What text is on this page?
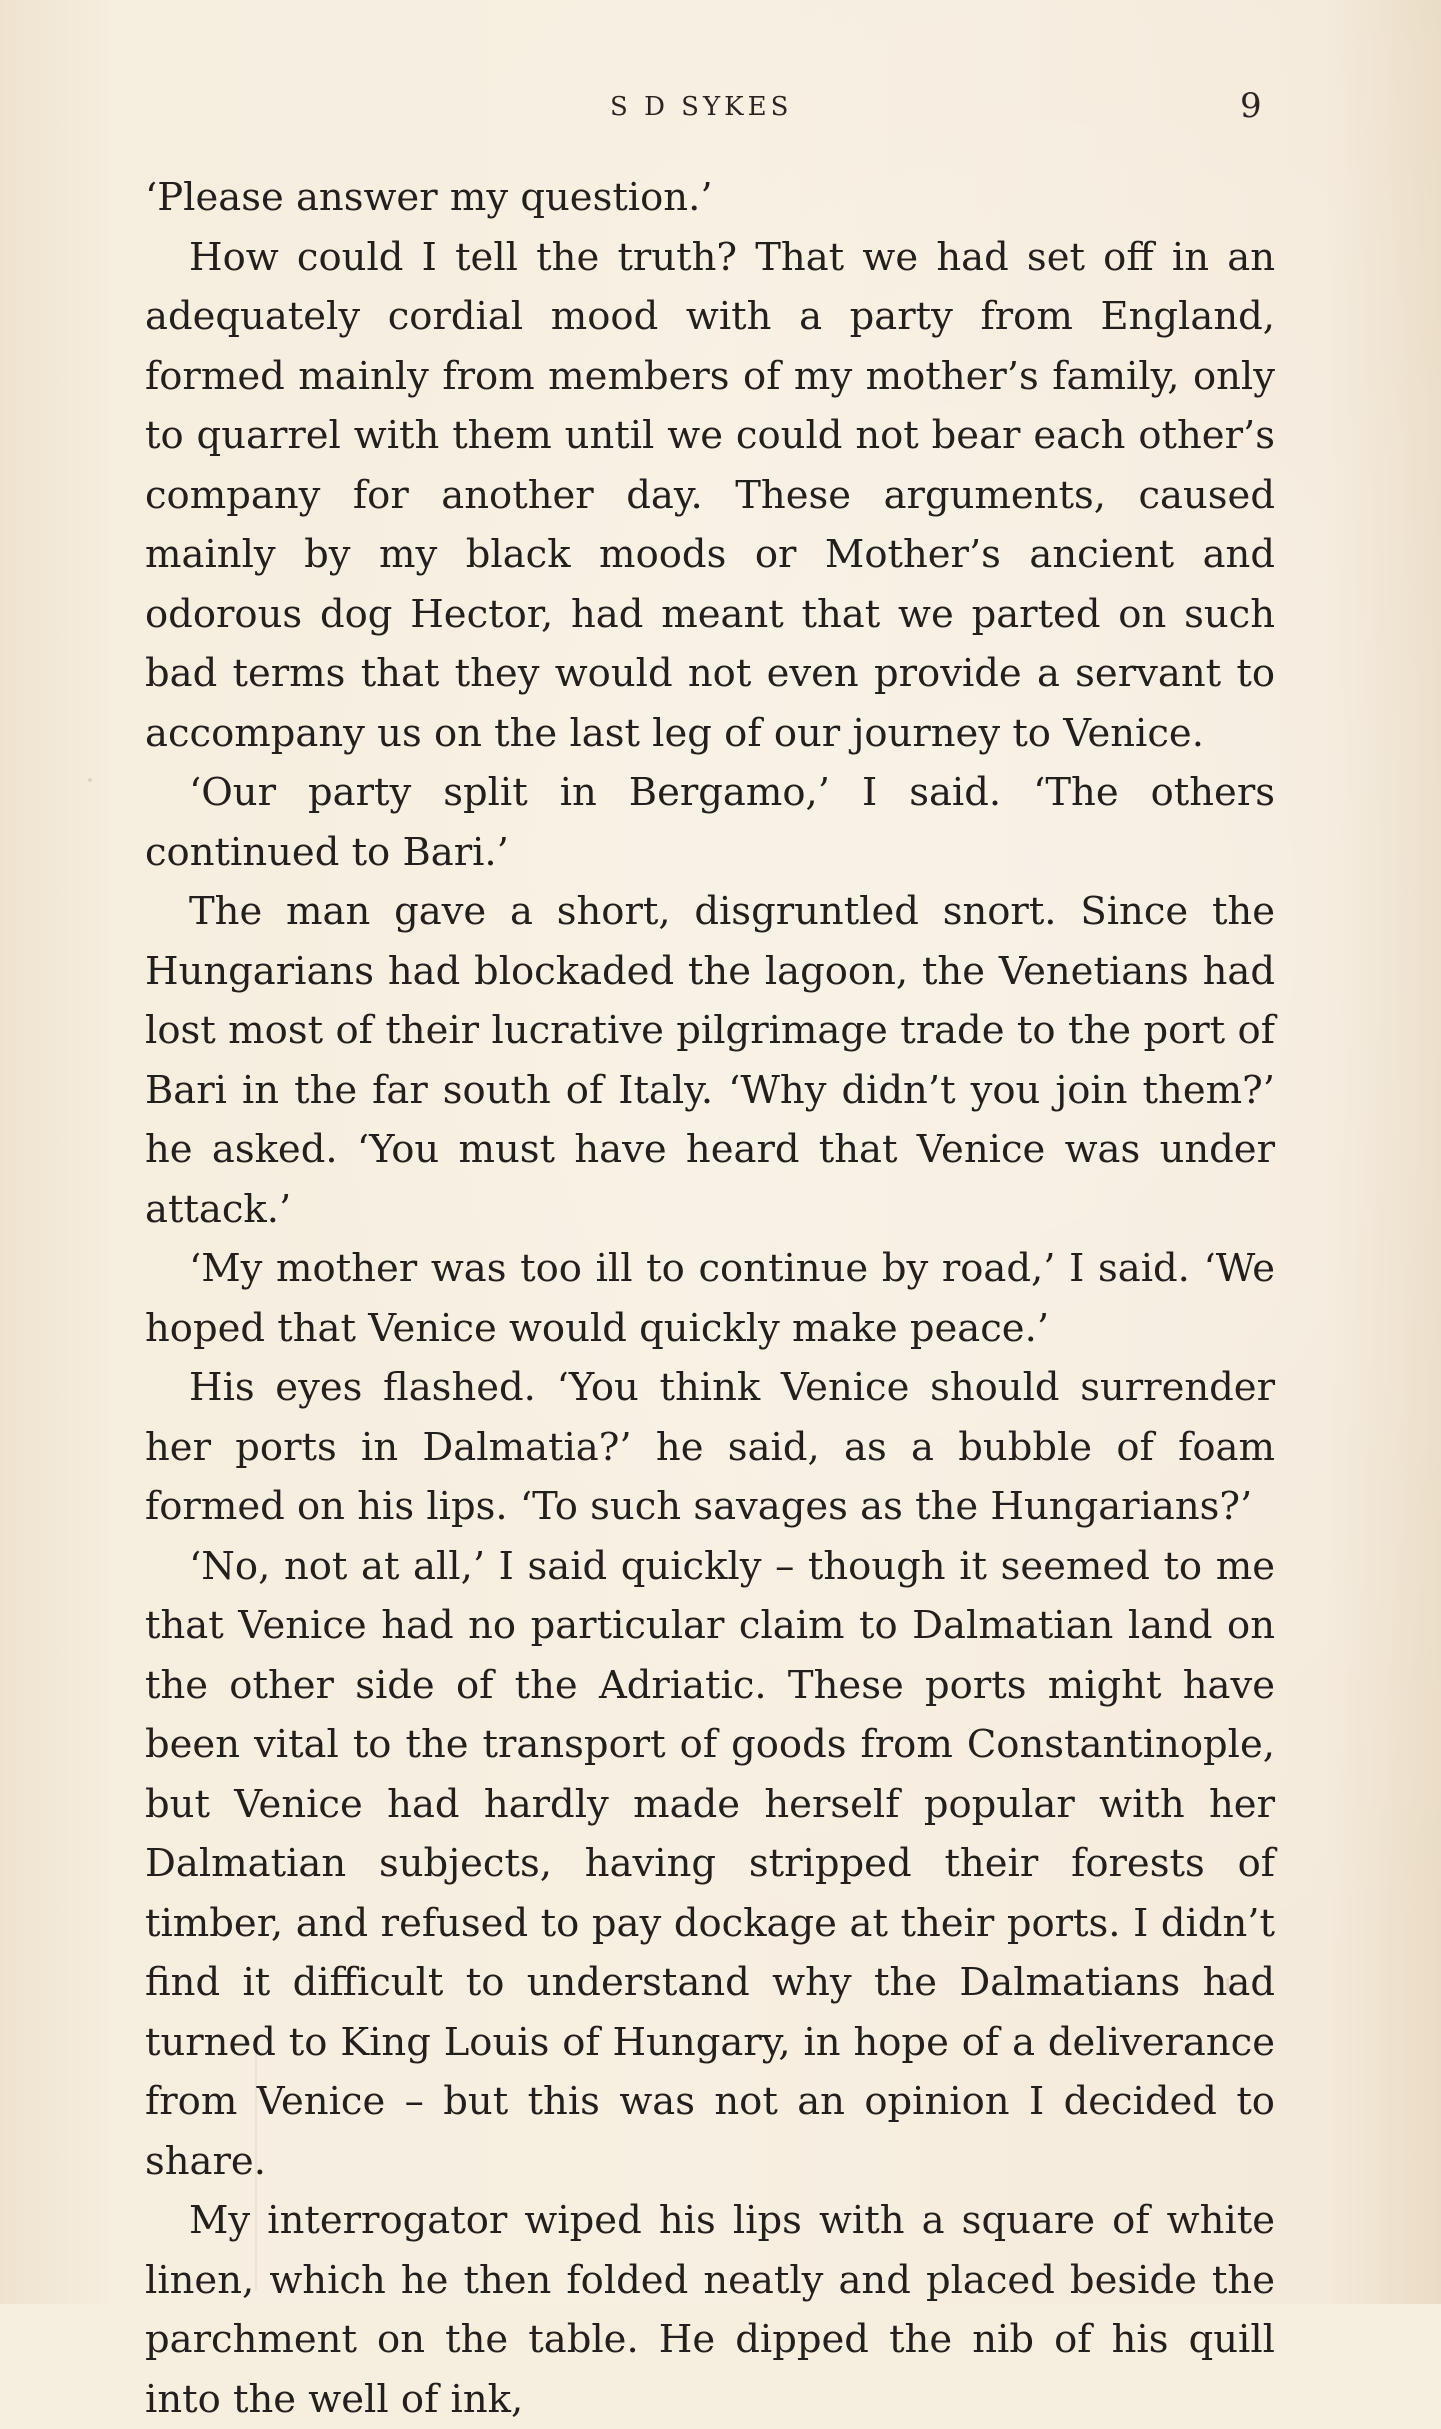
S D SYKES	9

‘Please answer my question.’

How could I tell the truth? That we had set off in an adequately cordial mood with a party from England, formed mainly from members of my mother’s family, only to quarrel with them until we could not bear each other’s company for another day. These arguments, caused mainly by my black moods or Mother’s ancient and odorous dog Hector, had meant that we parted on such bad terms that they would not even provide a servant to accompany us on the last leg of our journey to Venice.

‘Our party split in Bergamo,’ I said. ‘The others continued to Bari.’

The man gave a short, disgruntled snort. Since the Hungarians had blockaded the lagoon, the Venetians had lost most of their lucrative pilgrimage trade to the port of Bari in the far south of Italy. ‘Why didn’t you join them?’ he asked. ‘You must have heard that Venice was under attack.’

‘My mother was too ill to continue by road,’ I said. ‘We hoped that Venice would quickly make peace.’

His eyes flashed. ‘You think Venice should surrender her ports in Dalmatia?’ he said, as a bubble of foam formed on his lips. ‘To such savages as the Hungarians?’

‘No, not at all,’ I said quickly – though it seemed to me that Venice had no particular claim to Dalmatian land on the other side of the Adriatic. These ports might have been vital to the transport of goods from Constantinople, but Venice had hardly made herself popular with her Dalmatian subjects, having stripped their forests of timber, and refused to pay dockage at their ports. I didn’t find it difficult to understand why the Dalmatians had turned to King Louis of Hungary, in hope of a deliverance from Venice – but this was not an opinion I decided to share.

My interrogator wiped his lips with a square of white linen, which he then folded neatly and placed beside the parchment on the table. He dipped the nib of his quill into the well of ink,
